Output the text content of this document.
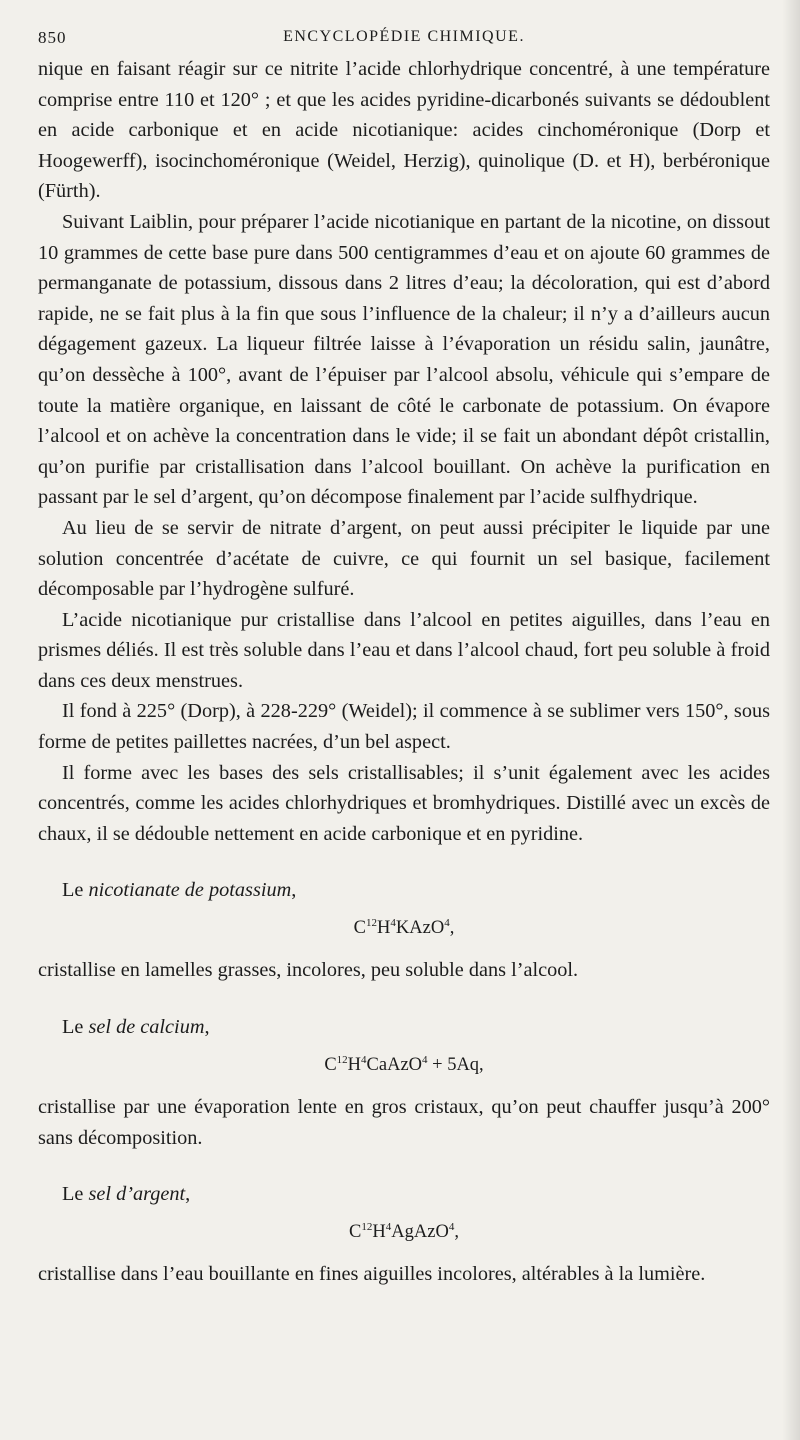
850	ENCYCLOPÉDIE CHIMIQUE.

nique en faisant réagir sur ce nitrite l’acide chlorhydrique concentré, à une température comprise entre 110 et 120° ; et que les acides pyridine-dicarbonés suivants se dédoublent en acide carbonique et en acide nicotianique: acides cinchoméronique (Dorp et Hoogewerff), isocinchoméronique (Weidel, Herzig), quinolique (D. et H), berbéronique (Fürth).

Suivant Laiblin, pour préparer l’acide nicotianique en partant de la nicotine, on dissout 10 grammes de cette base pure dans 500 centigrammes d’eau et on ajoute 60 grammes de permanganate de potassium, dissous dans 2 litres d’eau; la décoloration, qui est d’abord rapide, ne se fait plus à la fin que sous l’influence de la chaleur; il n’y a d’ailleurs aucun dégagement gazeux. La liqueur filtrée laisse à l’évaporation un résidu salin, jaunâtre, qu’on dessèche à 100°, avant de l’épuiser par l’alcool absolu, véhicule qui s’empare de toute la matière organique, en laissant de côté le carbonate de potassium. On évapore l’alcool et on achève la concentration dans le vide; il se fait un abondant dépôt cristallin, qu’on purifie par cristallisation dans l’alcool bouillant. On achève la purification en passant par le sel d’argent, qu’on décompose finalement par l’acide sulfhydrique.

Au lieu de se servir de nitrate d’argent, on peut aussi précipiter le liquide par une solution concentrée d’acétate de cuivre, ce qui fournit un sel basique, facilement décomposable par l’hydrogène sulfuré.

L’acide nicotianique pur cristallise dans l’alcool en petites aiguilles, dans l’eau en prismes déliés. Il est très soluble dans l’eau et dans l’alcool chaud, fort peu soluble à froid dans ces deux menstrues.

Il fond à 225° (Dorp), à 228-229° (Weidel); il commence à se sublimer vers 150°, sous forme de petites paillettes nacrées, d’un bel aspect.

Il forme avec les bases des sels cristallisables; il s’unit également avec les acides concentrés, comme les acides chlorhydriques et bromhydriques. Distillé avec un excès de chaux, il se dédouble nettement en acide carbonique et en pyridine.

Le nicotianate de potassium,

$C^{12}H^4KAzO^4$,

cristallise en lamelles grasses, incolores, peu soluble dans l’alcool.

Le sel de calcium,

$C^{12}H^4CaAzO^4 + 5Aq$,

cristallise par une évaporation lente en gros cristaux, qu’on peut chauffer jusqu’à 200° sans décomposition.

Le sel d’argent,

$C^{12}H^4AgAzO^4$,

cristallise dans l’eau bouillante en fines aiguilles incolores, altérables à la lumière.
